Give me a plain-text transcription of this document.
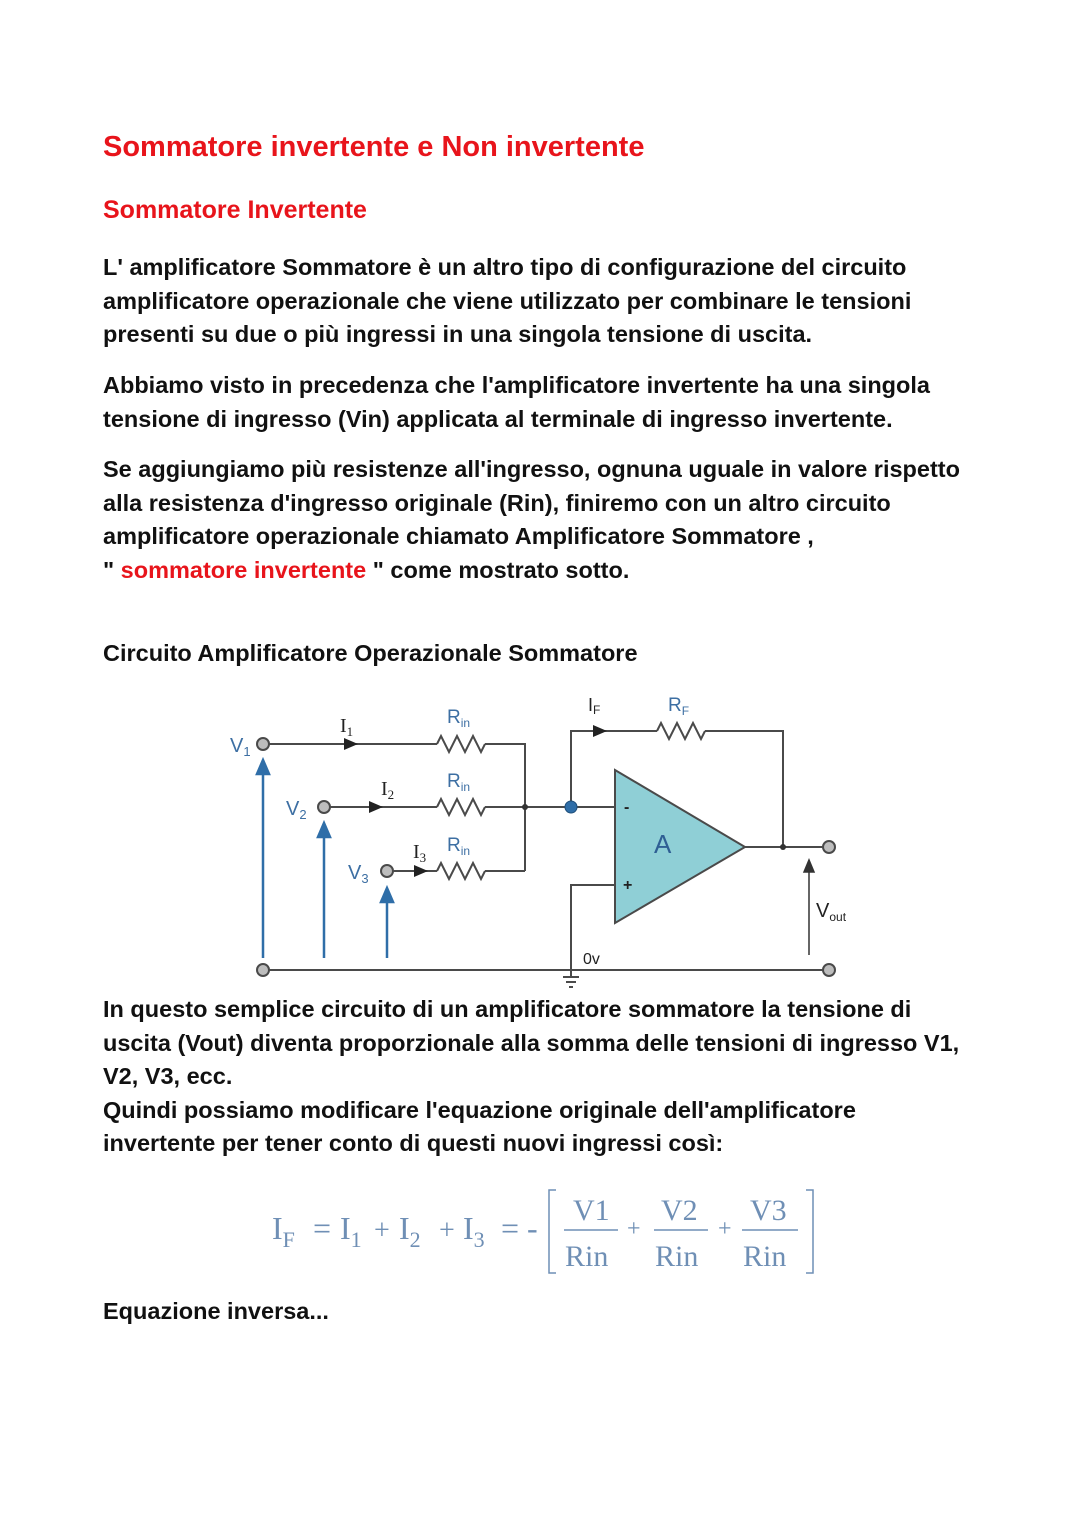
Sommatore invertente e Non invertente
Sommatore Invertente

L' amplificatore Sommatore è un altro tipo di configurazione del circuito
amplificatore operazionale che viene utilizzato per combinare le tensioni
presenti su due o più ingressi in una singola tensione di uscita.

Abbiamo visto in precedenza che l'amplificatore invertente ha una singola
tensione di ingresso (Vin) applicata al terminale di ingresso invertente.

Se aggiungiamo più resistenze all'ingresso, ognuna uguale in valore rispetto
alla resistenza d'ingresso originale (Rin), finiremo con un altro circuito
amplificatore operazionale chiamato Amplificatore Sommatore ,
" sommatore invertente " come mostrato sotto.

Circuito Amplificatore Operazionale Sommatore

$V_1$
$V_2$
$V_3$
$R_{in}$
$R_{in}$
$R_{in}$
$R_F$
A
$I_1$
$I_2$
$I_3$
IF
-
+
0v
$V_{out}$

In questo semplice circuito di un amplificatore sommatore la tensione di
uscita (Vout) diventa proporzionale alla somma delle tensioni di ingresso V1,
V2, V3, ecc.
Quindi possiamo modificare l'equazione originale dell'amplificatore
invertente per tener conto di questi nuovi ingressi così:

$I_F = I_1 + I_2 + I_3$ = - V1
Rin
+
V2
Rin
+
V3
Rin

Equazione inversa...
